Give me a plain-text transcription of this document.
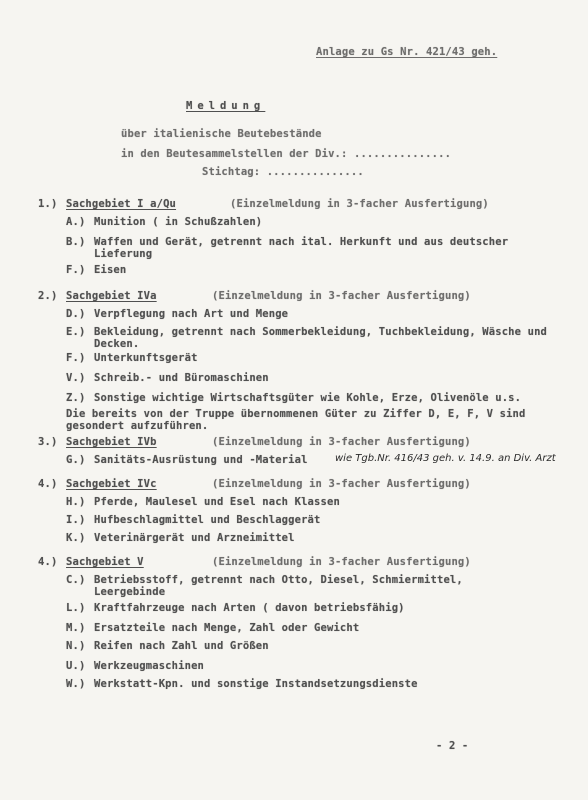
Anlage zu Gs Nr. 421/43 geh.
Meldung
über italienische Beutebestände
in den Beutesammelstellen der Div.: ...............
Stichtag: ...............
1.) Sachgebiet I a/Qu	(Einzelmeldung in 3-facher Ausfertigung)
A.) Munition ( in Schußzahlen)
B.) Waffen und Gerät, getrennt nach ital. Herkunft und aus deutscher Lieferung
F.) Eisen
2.) Sachgebiet IVa	(Einzelmeldung in 3-facher Ausfertigung)
D.) Verpflegung nach Art und Menge
E.) Bekleidung, getrennt nach Sommerbekleidung, Tuchbekleidung, Wäsche und Decken.
F.) Unterkunftsgerät
V.) Schreib.- und Büromaschinen
Z.) Sonstige wichtige Wirtschaftsgüter wie Kohle, Erze, Olivenöle u.s.
Die bereits von der Truppe übernommenen Güter zu Ziffer D, E, F, V sind gesondert aufzuführen.
3.) Sachgebiet IVb	(Einzelmeldung in 3-facher Ausfertigung)
G.) Sanitäts-Ausrüstung und -Material	wie Tgb.Nr. 416/43 geh. v. 14.9. an Div. Arzt
4.) Sachgebiet IVc	(Einzelmeldung in 3-facher Ausfertigung)
H.) Pferde, Maulesel und Esel nach Klassen
I.) Hufbeschlagmittel und Beschlaggerät
K.) Veterinärgerät und Arzneimittel
4.) Sachgebiet V	(Einzelmeldung in 3-facher Ausfertigung)
C.) Betriebsstoff, getrennt nach Otto, Diesel, Schmiermittel, Leergebinde
L.) Kraftfahrzeuge nach Arten ( davon betriebsfähig)
M.) Ersatzteile nach Menge, Zahl oder Gewicht
N.) Reifen nach Zahl und Größen
U.) Werkzeugmaschinen
W.) Werkstatt-Kpn. und sonstige Instandsetzungsdienste
- 2 -
